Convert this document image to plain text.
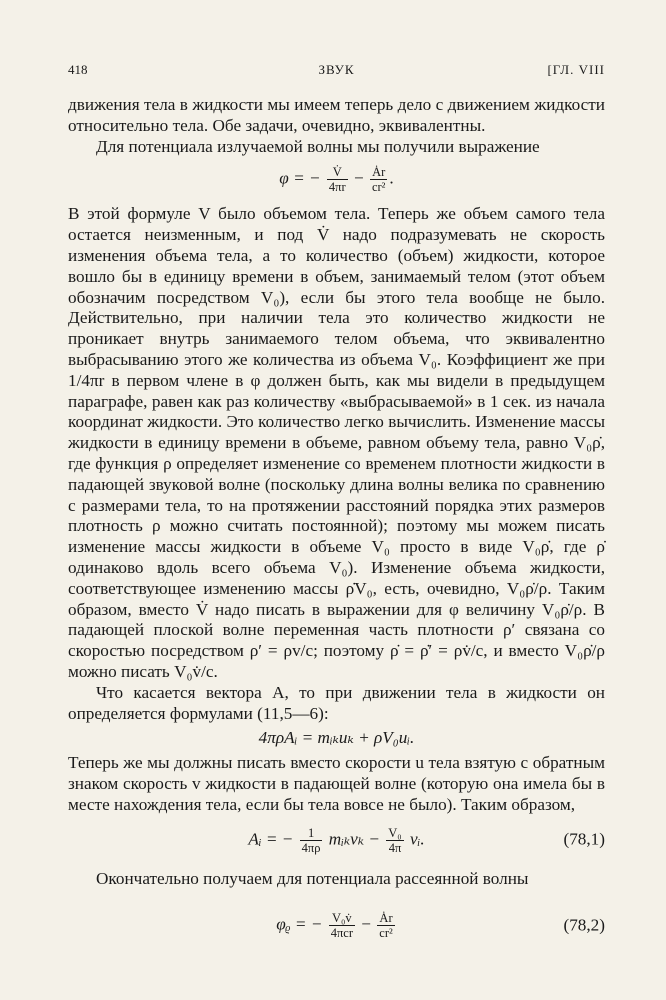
418	ЗВУК	[ГЛ. VIII

движения тела в жидкости мы имеем теперь дело с движением жидкости относительно тела. Обе задачи, очевидно, эквивалентны.

Для потенциала излучаемой волны мы получили выражение

φ = − $\frac{V̇}{4\pi r} - \frac{Ȧr}{\text{cr²}}$ .

В этой формуле V было объемом тела. Теперь же объем самого тела остается неизменным, и под V̇ надо подразумевать не скорость изменения объема тела, а то количество (объем) жидкости, которое вошло бы в единицу времени в объем, занимаемый телом (этот объем обозначим посредством V₀), если бы этого тела вообще не было. Действительно, при наличии тела это количество жидкости не проникает внутрь занимаемого телом объема, что эквивалентно выбрасыванию этого же количества из объема V₀. Коэффициент же при 1/4πr в первом члене в φ должен быть, как мы видели в предыдущем параграфе, равен как раз количеству «выбрасываемой» в 1 сек. из начала координат жидкости. Это количество легко вычислить. Изменение массы жидкости в единицу времени в объеме, равном объему тела, равно V₀ρ̇, где функция ρ определяет изменение со временем плотности жидкости в падающей звуковой волне (поскольку длина волны велика по сравнению с размерами тела, то на протяжении расстояний порядка этих размеров плотность ρ можно считать постоянной); поэтому мы можем писать изменение массы жидкости в объеме V₀ просто в виде V₀ρ̇, где ρ̇ одинаково вдоль всего объема V₀). Изменение объема жидкости, соответствующее изменению массы ρ̇V₀, есть, очевидно, V₀ρ̇/ρ. Таким образом, вместо V̇ надо писать в выражении для φ величину V₀ρ̇/ρ. В падающей плоской волне переменная часть плотности ρ′ связана со скоростью посредством ρ′ = ρv/c; поэтому ρ̇ = ρ̇′ = ρv̇/c, и вместо V₀ρ̇/ρ можно писать V₀v̇/c.

Что касается вектора A, то при движении тела в жидкости он определяется формулами (11,5—6):

4πρAᵢ = mᵢₖuₖ + ρV₀uᵢ.

Теперь же мы должны писать вместо скорости u тела взятую с обратным знаком скорость v жидкости в падающей волне (которую она имела бы в месте нахождения тела, если бы тела вовсе не было). Таким образом,

Aᵢ = − $\frac{1}{4\pi\rho}$ mᵢₖvₖ − $\frac{\text{V₀}}{4\pi}$ vᵢ.	(78,1)

Окончательно получаем для потенциала рассеянной волны

φᵨ = − $\frac{\text{V₀v̇}}{\text{4πcr}} - \frac{Ȧr}{\text{cr²}}$	(78,2)
